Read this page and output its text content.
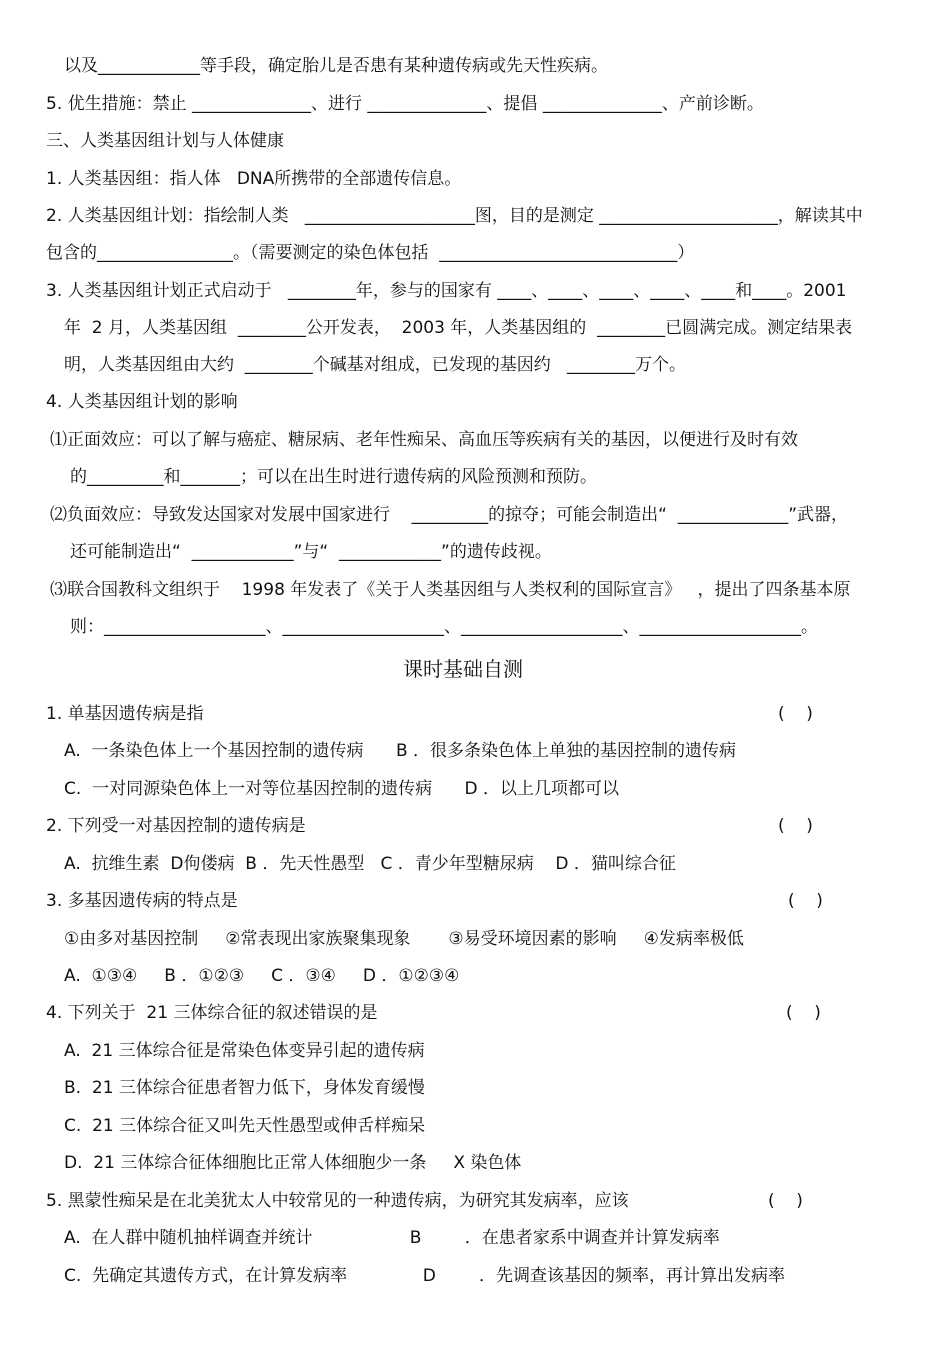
以及____________等手段，确定胎儿是否患有某种遗传病或先天性疾病。
5. 优生措施：禁止 ______________、进行 ______________、提倡 ______________、产前诊断。
三、人类基因组计划与人体健康
1. 人类基因组：指人体   DNA所携带的全部遗传信息。
2. 人类基因组计划：指绘制人类   ____________________图，目的是测定 _____________________，解读其中
包含的________________。（需要测定的染色体包括  ____________________________）
3. 人类基因组计划正式启动于   ________年，参与的国家有 ____、____、____、____、____和____。2001
年  2 月，人类基因组  ________公开发表，  2003 年，人类基因组的  ________已圆满完成。测定结果表
明，人类基因组由大约  ________个碱基对组成，已发现的基因约   ________万个。
4. 人类基因组计划的影响
⑴正面效应：可以了解与癌症、糖尿病、老年性痴呆、高血压等疾病有关的基因，以便进行及时有效
的_________和_______；可以在出生时进行遗传病的风险预测和预防。
⑵负面效应：导致发达国家对发展中国家进行    _________的掠夺；可能会制造出“  _____________”武器，
还可能制造出“  ____________”与“  ____________”的遗传歧视。
⑶联合国教科文组织于    1998 年发表了《关于人类基因组与人类权利的国际宣言》   ，提出了四条基本原
则：___________________、___________________、___________________、___________________。
课时基础自测
1. 单基因遗传病是指	(    )
A.  一条染色体上一个基因控制的遗传病      B ．很多条染色体上单独的基因控制的遗传病
C.  一对同源染色体上一对等位基因控制的遗传病      D ．以上几项都可以
2. 下列受一对基因控制的遗传病是	(    )
A.  抗维生素  D佝偻病  B ．先天性愚型   C ．青少年型糖尿病    D ．猫叫综合征
3. 多基因遗传病的特点是	(    )
①由多对基因控制     ②常表现出家族聚集现象       ③易受环境因素的影响     ④发病率极低
A.  ①③④     B ．①②③     C ．③④     D ．①②③④
4. 下列关于  21 三体综合征的叙述错误的是	(    )
A.  21 三体综合征是常染色体变异引起的遗传病
B.  21 三体综合征患者智力低下，身体发育缓慢
C.  21 三体综合征又叫先天性愚型或伸舌样痴呆
D.  21 三体综合征体细胞比正常人体细胞少一条     X 染色体
5. 黑蒙性痴呆是在北美犹太人中较常见的一种遗传病，为研究其发病率，应该	(    )
A.  在人群中随机抽样调查并统计                  B        ．在患者家系中调查并计算发病率
C.  先确定其遗传方式，在计算发病率              D        ．先调查该基因的频率，再计算出发病率
